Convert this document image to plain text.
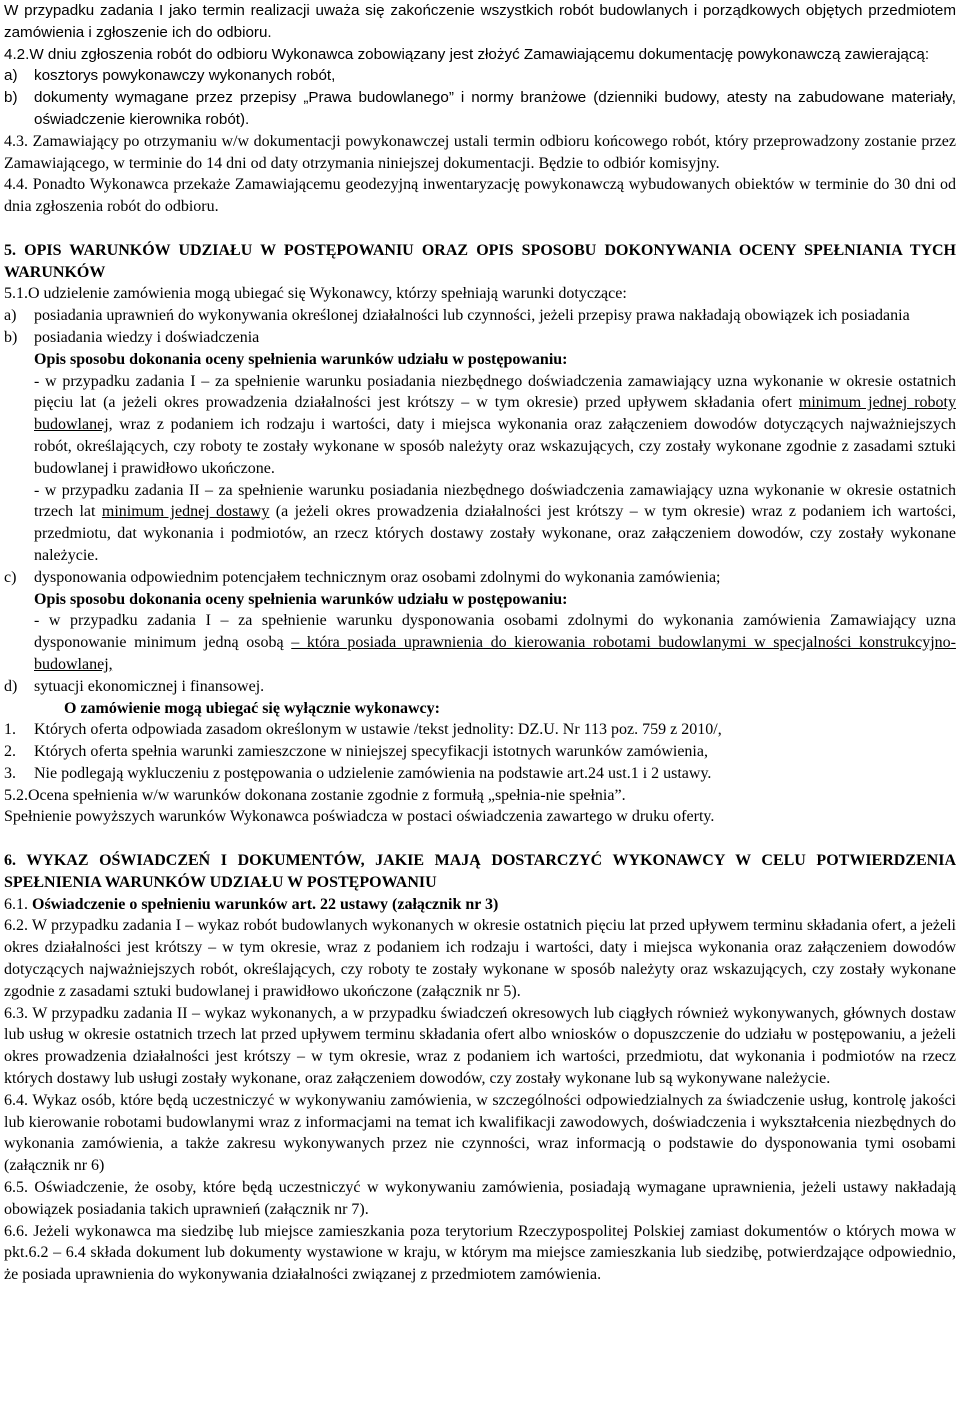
W przypadku zadania I jako termin realizacji uważa się zakończenie wszystkich robót budowlanych i porządkowych objętych przedmiotem zamówienia i zgłoszenie ich do odbioru.

4.2.W dniu zgłoszenia robót do odbioru Wykonawca zobowiązany jest złożyć Zamawiającemu dokumentację powykonawczą zawierającą:

a) kosztorys powykonawczy wykonanych robót,
b) dokumenty wymagane przez przepisy „Prawa budowlanego” i normy branżowe (dzienniki budowy, atesty na zabudowane materiały, oświadczenie kierownika robót).

4.3. Zamawiający po otrzymaniu w/w dokumentacji powykonawczej ustali termin odbioru końcowego robót, który przeprowadzony zostanie przez Zamawiającego, w terminie do 14 dni od daty otrzymania niniejszej dokumentacji. Będzie to odbiór komisyjny.

4.4. Ponadto Wykonawca przekaże Zamawiającemu geodezyjną inwentaryzację powykonawczą wybudowanych obiektów w terminie do 30 dni od dnia zgłoszenia robót do odbioru.

5. OPIS WARUNKÓW UDZIAŁU W POSTĘPOWANIU ORAZ OPIS SPOSOBU DOKONYWANIA OCENY SPEŁNIANIA TYCH WARUNKÓW

5.1.O udzielenie zamówienia mogą ubiegać się Wykonawcy, którzy spełniają warunki dotyczące:

a) posiadania uprawnień do wykonywania określonej działalności lub czynności, jeżeli przepisy prawa nakładają obowiązek ich posiadania
b) posiadania wiedzy i doświadczenia

Opis sposobu dokonania oceny spełnienia warunków udziału w postępowaniu:

- w przypadku zadania I – za spełnienie warunku posiadania niezbędnego doświadczenia zamawiający uzna wykonanie w okresie ostatnich pięciu lat (a jeżeli okres prowadzenia działalności jest krótszy – w tym okresie) przed upływem składania ofert minimum jednej roboty budowlanej, wraz z podaniem ich rodzaju i wartości, daty i miejsca wykonania oraz załączeniem dowodów dotyczących najważniejszych robót, określających, czy roboty te zostały wykonane w sposób należyty oraz wskazujących, czy zostały wykonane zgodnie z zasadami sztuki budowlanej i prawidłowo ukończone.

- w przypadku zadania II – za spełnienie warunku posiadania niezbędnego doświadczenia zamawiający uzna wykonanie w okresie ostatnich trzech lat minimum jednej dostawy (a jeżeli okres prowadzenia działalności jest krótszy – w tym okresie) wraz z podaniem ich wartości, przedmiotu, dat wykonania i podmiotów, an rzecz których dostawy zostały wykonane, oraz załączeniem dowodów, czy zostały wykonane należycie.

c) dysponowania odpowiednim potencjałem technicznym oraz osobami zdolnymi do wykonania zamówienia;

Opis sposobu dokonania oceny spełnienia warunków udziału w postępowaniu:

- w przypadku zadania I – za spełnienie warunku dysponowania osobami zdolnymi do wykonania zamówienia Zamawiający uzna dysponowanie minimum jedną osobą – która posiada uprawnienia do kierowania robotami budowlanymi w specjalności konstrukcyjno-budowlanej,

d) sytuacji ekonomicznej i finansowej.

O zamówienie mogą ubiegać się wyłącznie wykonawcy:

1. Których oferta odpowiada zasadom określonym w ustawie /tekst jednolity: DZ.U. Nr 113 poz. 759 z 2010/,
2. Których oferta spełnia warunki zamieszczone w niniejszej specyfikacji istotnych warunków zamówienia,
3. Nie podlegają wykluczeniu z postępowania o udzielenie zamówienia na podstawie art.24 ust.1 i 2 ustawy.

5.2.Ocena spełnienia w/w warunków dokonana zostanie zgodnie z formułą „spełnia-nie spełnia”.

Spełnienie powyższych warunków Wykonawca poświadcza w postaci oświadczenia zawartego w druku oferty.

6. WYKAZ OŚWIADCZEŃ I DOKUMENTÓW, JAKIE MAJĄ DOSTARCZYĆ WYKONAWCY W CELU POTWIERDZENIA SPEŁNIENIA WARUNKÓW UDZIAŁU W POSTĘPOWANIU

6.1. Oświadczenie o spełnieniu warunków art. 22 ustawy (załącznik nr 3)

6.2. W przypadku zadania I – wykaz robót budowlanych wykonanych w okresie ostatnich pięciu lat przed upływem terminu składania ofert, a jeżeli okres działalności jest krótszy – w tym okresie, wraz z podaniem ich rodzaju i wartości, daty i miejsca wykonania oraz załączeniem dowodów dotyczących najważniejszych robót, określających, czy roboty te zostały wykonane w sposób należyty oraz wskazujących, czy zostały wykonane zgodnie z zasadami sztuki budowlanej i prawidłowo ukończone (załącznik nr 5).

6.3. W przypadku zadania II – wykaz wykonanych, a w przypadku świadczeń okresowych lub ciągłych również wykonywanych, głównych dostaw lub usług w okresie ostatnich trzech lat przed upływem terminu składania ofert albo wniosków o dopuszczenie do udziału w postępowaniu, a jeżeli okres prowadzenia działalności jest krótszy – w tym okresie, wraz z podaniem ich wartości, przedmiotu, dat wykonania i podmiotów na rzecz których dostawy lub usługi zostały wykonane, oraz załączeniem dowodów, czy zostały wykonane lub są wykonywane należycie.

6.4. Wykaz osób, które będą uczestniczyć w wykonywaniu zamówienia, w szczególności odpowiedzialnych za świadczenie usług, kontrolę jakości lub kierowanie robotami budowlanymi wraz z informacjami na temat ich kwalifikacji zawodowych, doświadczenia i wykształcenia niezbędnych do wykonania zamówienia, a także zakresu wykonywanych przez nie czynności, wraz informacją o podstawie do dysponowania tymi osobami (załącznik nr 6)

6.5. Oświadczenie, że osoby, które będą uczestniczyć w wykonywaniu zamówienia, posiadają wymagane uprawnienia, jeżeli ustawy nakładają obowiązek posiadania takich uprawnień (załącznik nr 7).

6.6. Jeżeli wykonawca ma siedzibę lub miejsce zamieszkania poza terytorium Rzeczypospolitej Polskiej zamiast dokumentów o których mowa w pkt.6.2 – 6.4 składa dokument lub dokumenty wystawione w kraju, w którym ma miejsce zamieszkania lub siedzibę, potwierdzające odpowiednio, że posiada uprawnienia do wykonywania działalności związanej z przedmiotem zamówienia.
